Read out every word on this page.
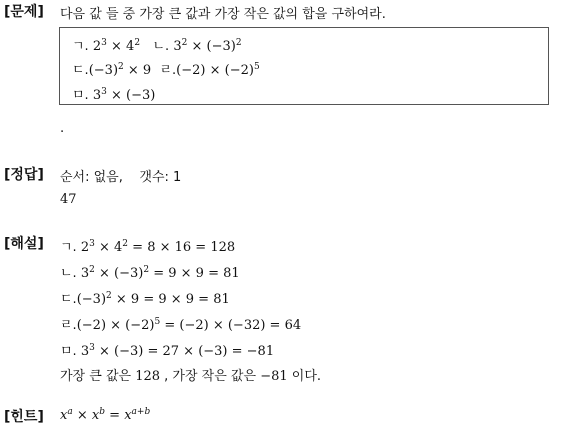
[문제] 다음 값 들 중 가장 큰 값과 가장 작은 값의 합을 구하여라.
ㄱ. $2^3 \times 4^2$ ㄴ. $3^2 \times (-3)^2$
ㄷ$.(-3)^2 \times 9$ ㄹ$.(-2) \times (-2)^5$
ㅁ. $3^3 \times (-3)$
.
[정답] 순서: 없음,    갯수: 1
47
[해설] ㄱ. $2^3 \times 4^2 = 8 \times 16 = 128$
ㄴ. $3^2 \times (-3)^2 = 9 \times 9 = 81$
ㄷ$.(-3)^2 \times 9 = 9 \times 9 = 81$
ㄹ$.(-2) \times (-2)^5 = (-2) \times (-32) = 64$
ㅁ. $3^3 \times (-3) = 27 \times (-3) = -81$
가장 큰 값은 128 , 가장 작은 값은 −81 이다.
[힌트] $x^a \times x^b = x^{a+b}$
